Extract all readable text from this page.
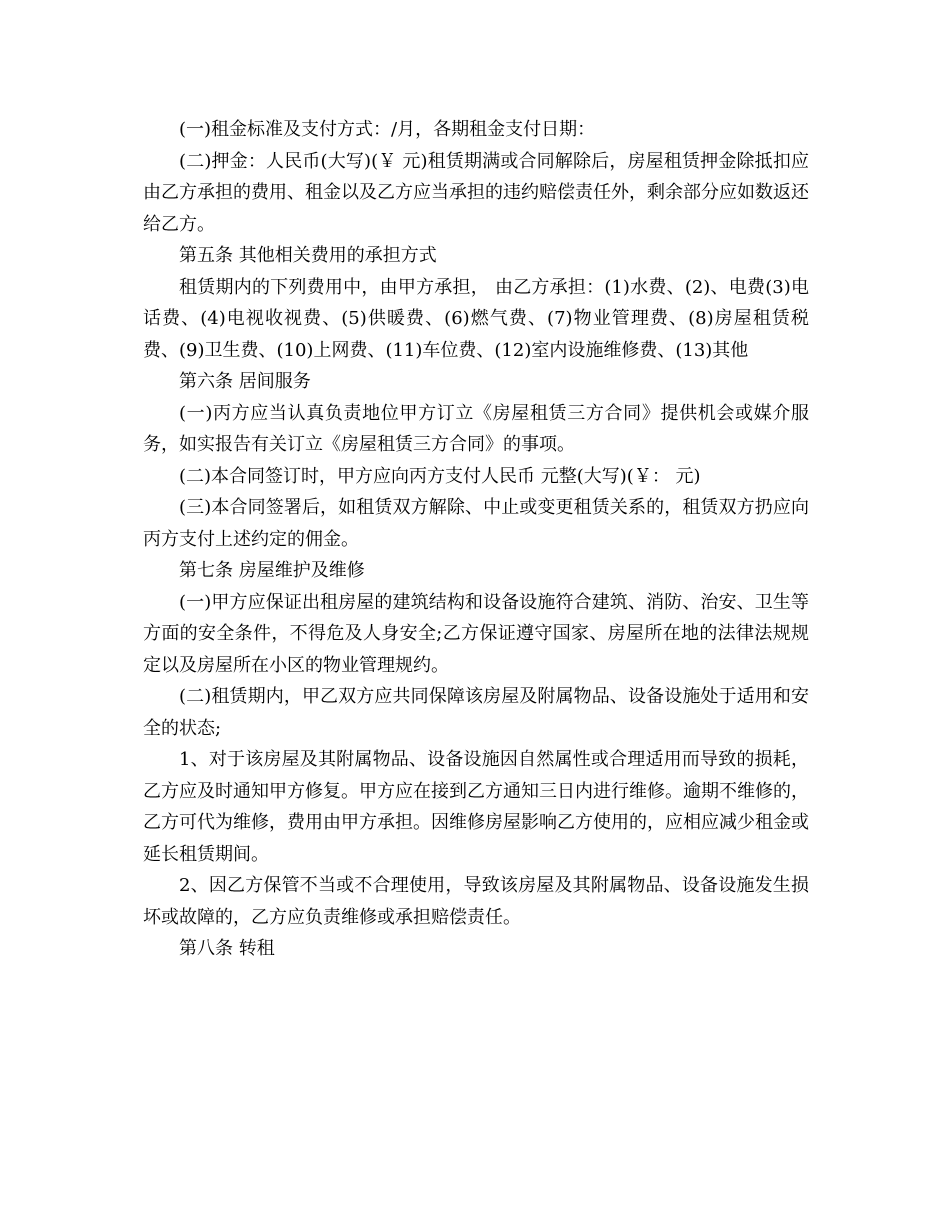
(一)租金标准及支付方式：/月，各期租金支付日期：

(二)押金：人民币(大写)(￥ 元)租赁期满或合同解除后，房屋租赁押金除抵扣应由乙方承担的费用、租金以及乙方应当承担的违约赔偿责任外，剩余部分应如数返还给乙方。

第五条 其他相关费用的承担方式

租赁期内的下列费用中，由甲方承担， 由乙方承担：(1)水费、(2)、电费(3)电话费、(4)电视收视费、(5)供暖费、(6)燃气费、(7)物业管理费、(8)房屋租赁税费、(9)卫生费、(10)上网费、(11)车位费、(12)室内设施维修费、(13)其他

第六条 居间服务

(一)丙方应当认真负责地位甲方订立《房屋租赁三方合同》提供机会或媒介服务，如实报告有关订立《房屋租赁三方合同》的事项。

(二)本合同签订时，甲方应向丙方支付人民币 元整(大写)(￥： 元)

(三)本合同签署后，如租赁双方解除、中止或变更租赁关系的，租赁双方扔应向丙方支付上述约定的佣金。

第七条 房屋维护及维修

(一)甲方应保证出租房屋的建筑结构和设备设施符合建筑、消防、治安、卫生等方面的安全条件，不得危及人身安全;乙方保证遵守国家、房屋所在地的法律法规规定以及房屋所在小区的物业管理规约。

(二)租赁期内，甲乙双方应共同保障该房屋及附属物品、设备设施处于适用和安全的状态;

1、对于该房屋及其附属物品、设备设施因自然属性或合理适用而导致的损耗，乙方应及时通知甲方修复。甲方应在接到乙方通知三日内进行维修。逾期不维修的，乙方可代为维修，费用由甲方承担。因维修房屋影响乙方使用的，应相应减少租金或延长租赁期间。

2、因乙方保管不当或不合理使用，导致该房屋及其附属物品、设备设施发生损坏或故障的，乙方应负责维修或承担赔偿责任。

第八条 转租
